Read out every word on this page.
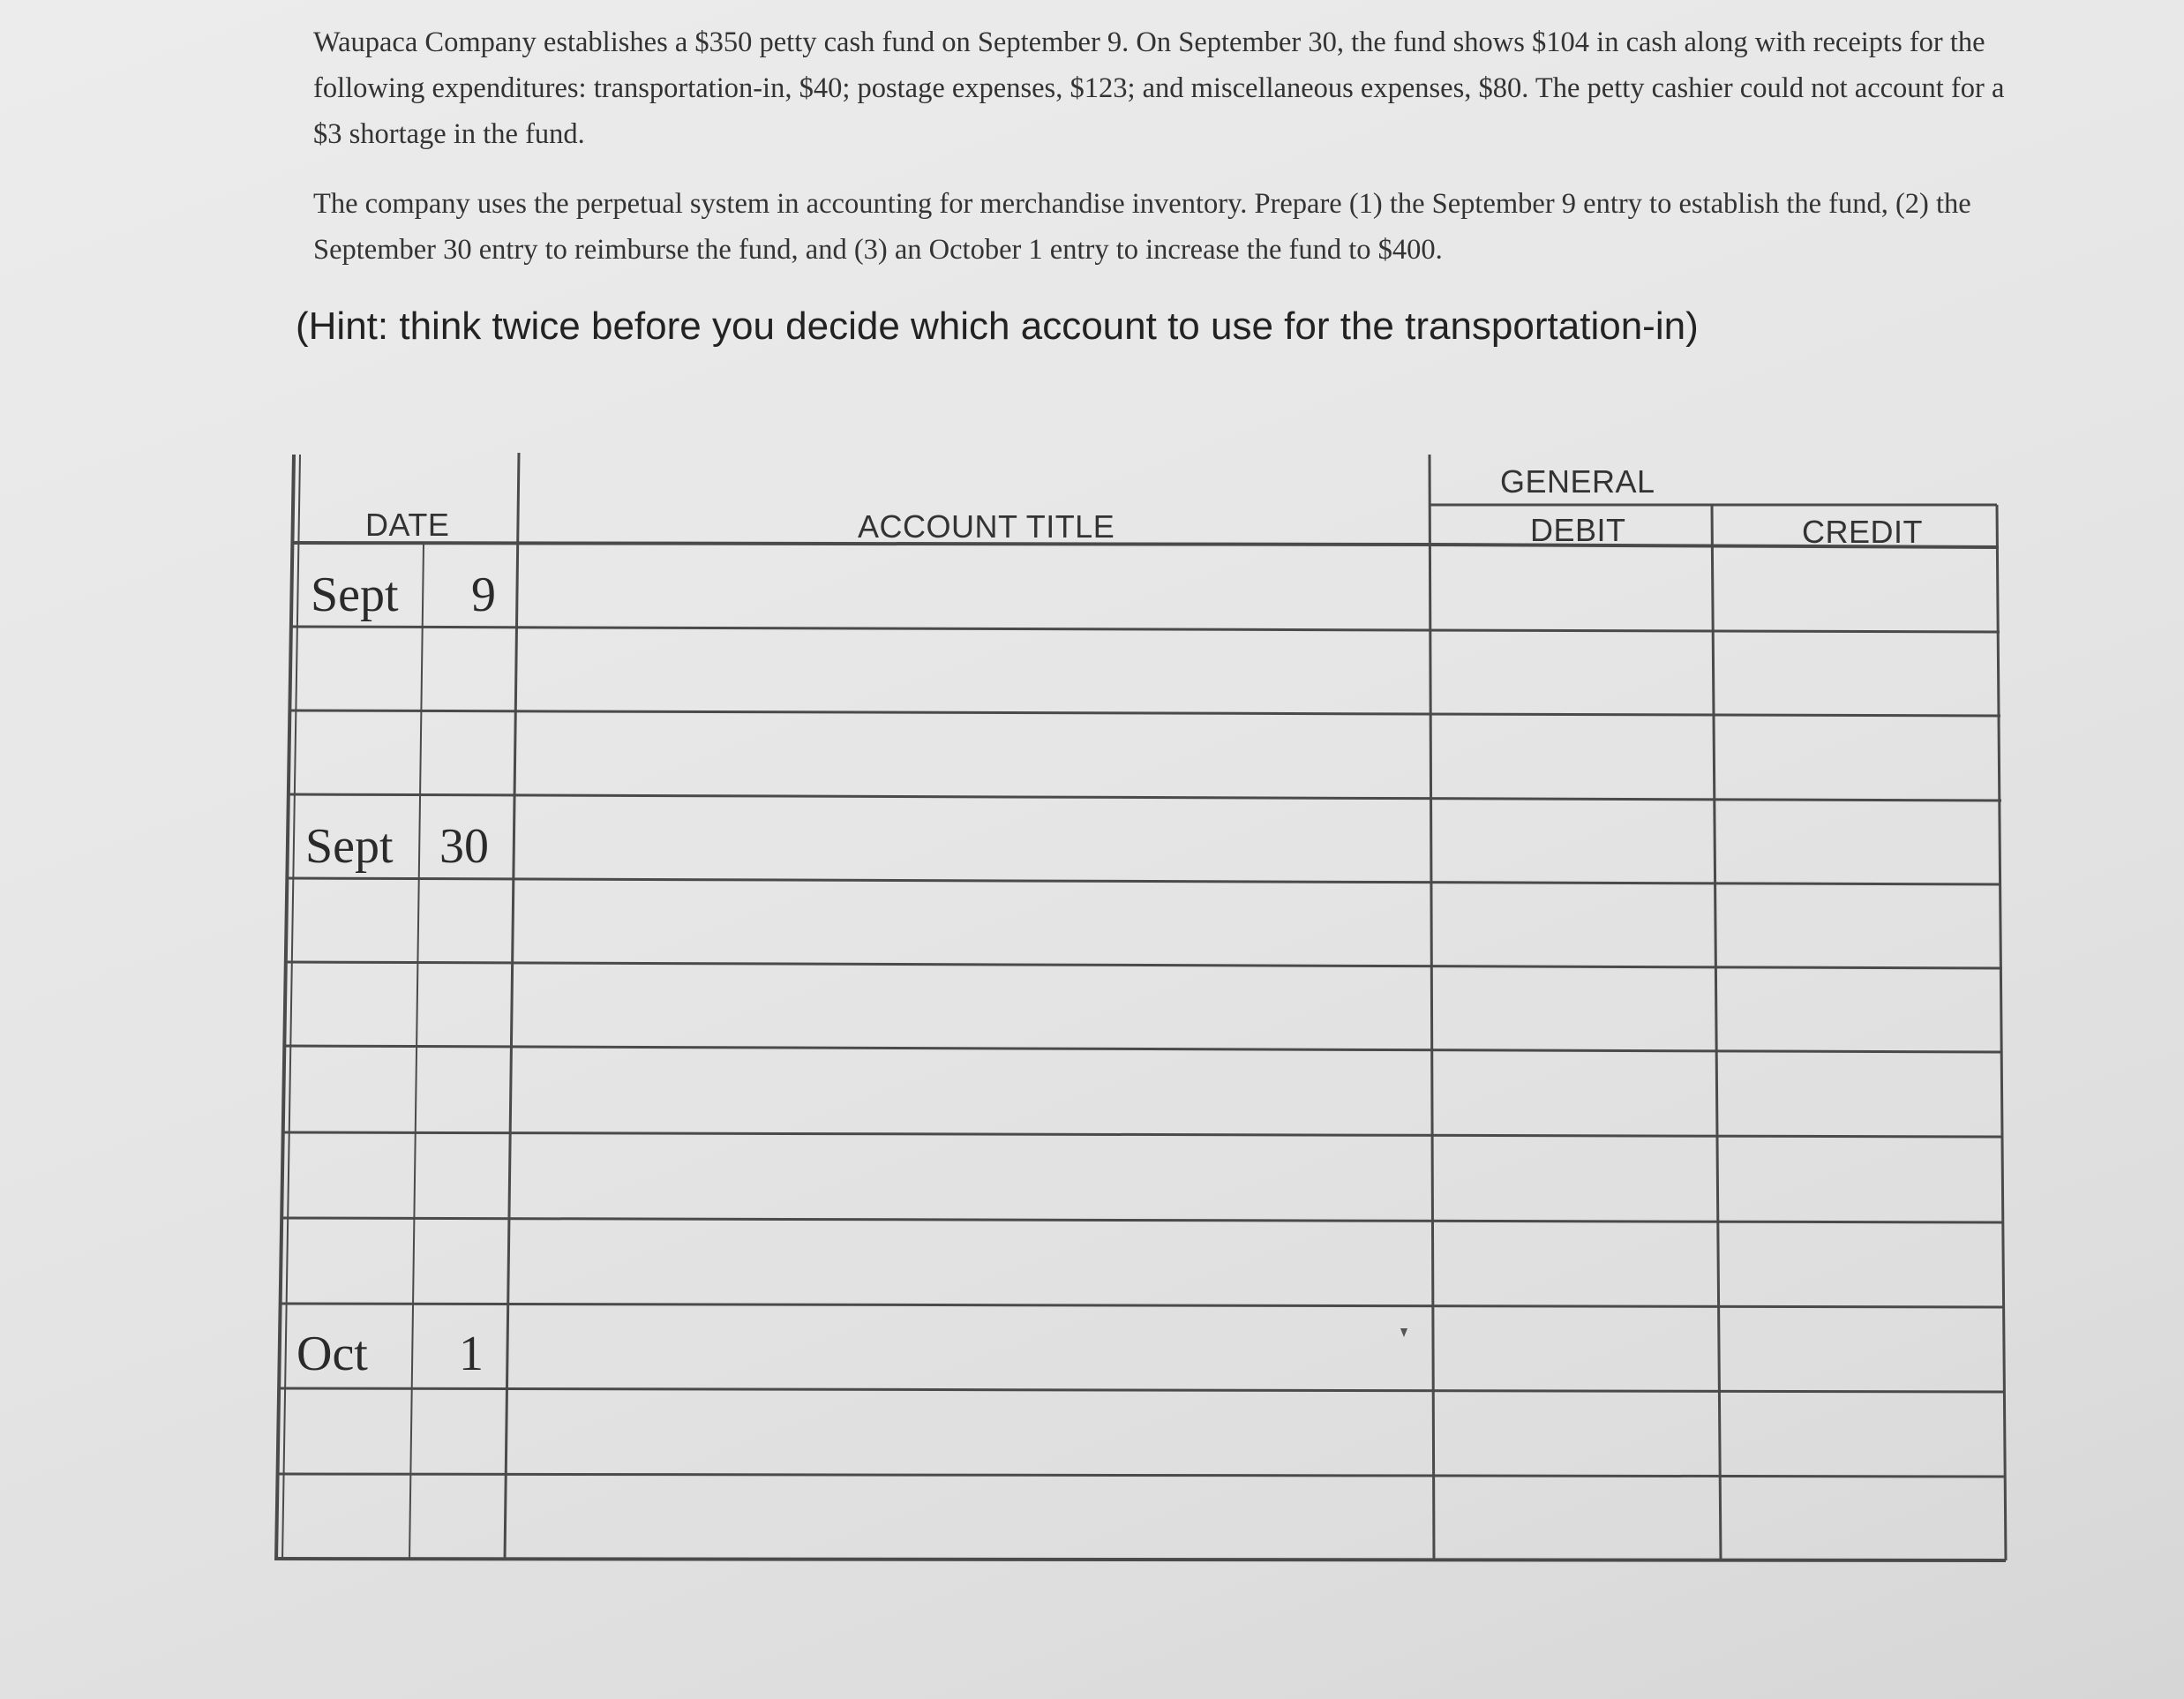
Waupaca Company establishes a $350 petty cash fund on September 9. On September 30, the fund shows $104 in cash along with receipts for the following expenditures: transportation-in, $40; postage expenses, $123; and miscellaneous expenses, $80. The petty cashier could not account for a $3 shortage in the fund.

The company uses the perpetual system in accounting for merchandise inventory. Prepare (1) the September 9 entry to establish the fund, (2) the September 30 entry to reimburse the fund, and (3) an October 1 entry to increase the fund to $400.

(Hint: think twice before you decide which account to use for the transportation-in)

GENERAL
DATE	ACCOUNT TITLE	DEBIT	CREDIT
Sept 9
Sept 30
Oct 1
